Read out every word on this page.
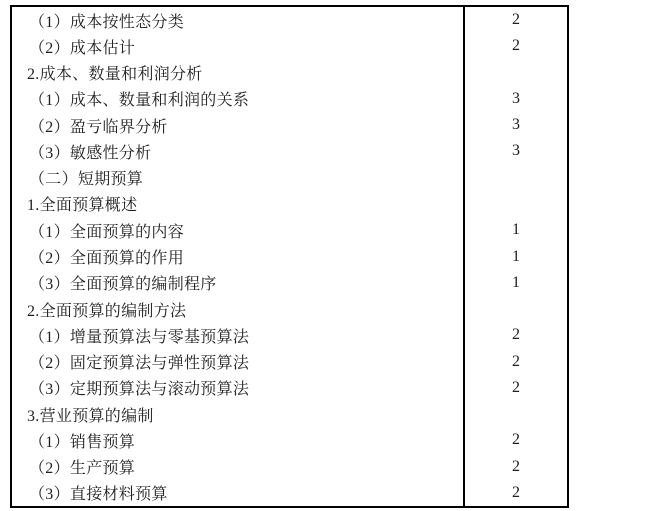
（1）成本按性态分类	2
（2）成本估计	2
2.成本、数量和利润分析
（1）成本、数量和利润的关系	3
（2）盈亏临界分析	3
（3）敏感性分析	3
（二）短期预算
1.全面预算概述
（1）全面预算的内容	1
（2）全面预算的作用	1
（3）全面预算的编制程序	1
2.全面预算的编制方法
（1）增量预算法与零基预算法	2
（2）固定预算法与弹性预算法	2
（3）定期预算法与滚动预算法	2
3.营业预算的编制
（1）销售预算	2
（2）生产预算	2
（3）直接材料预算	2
